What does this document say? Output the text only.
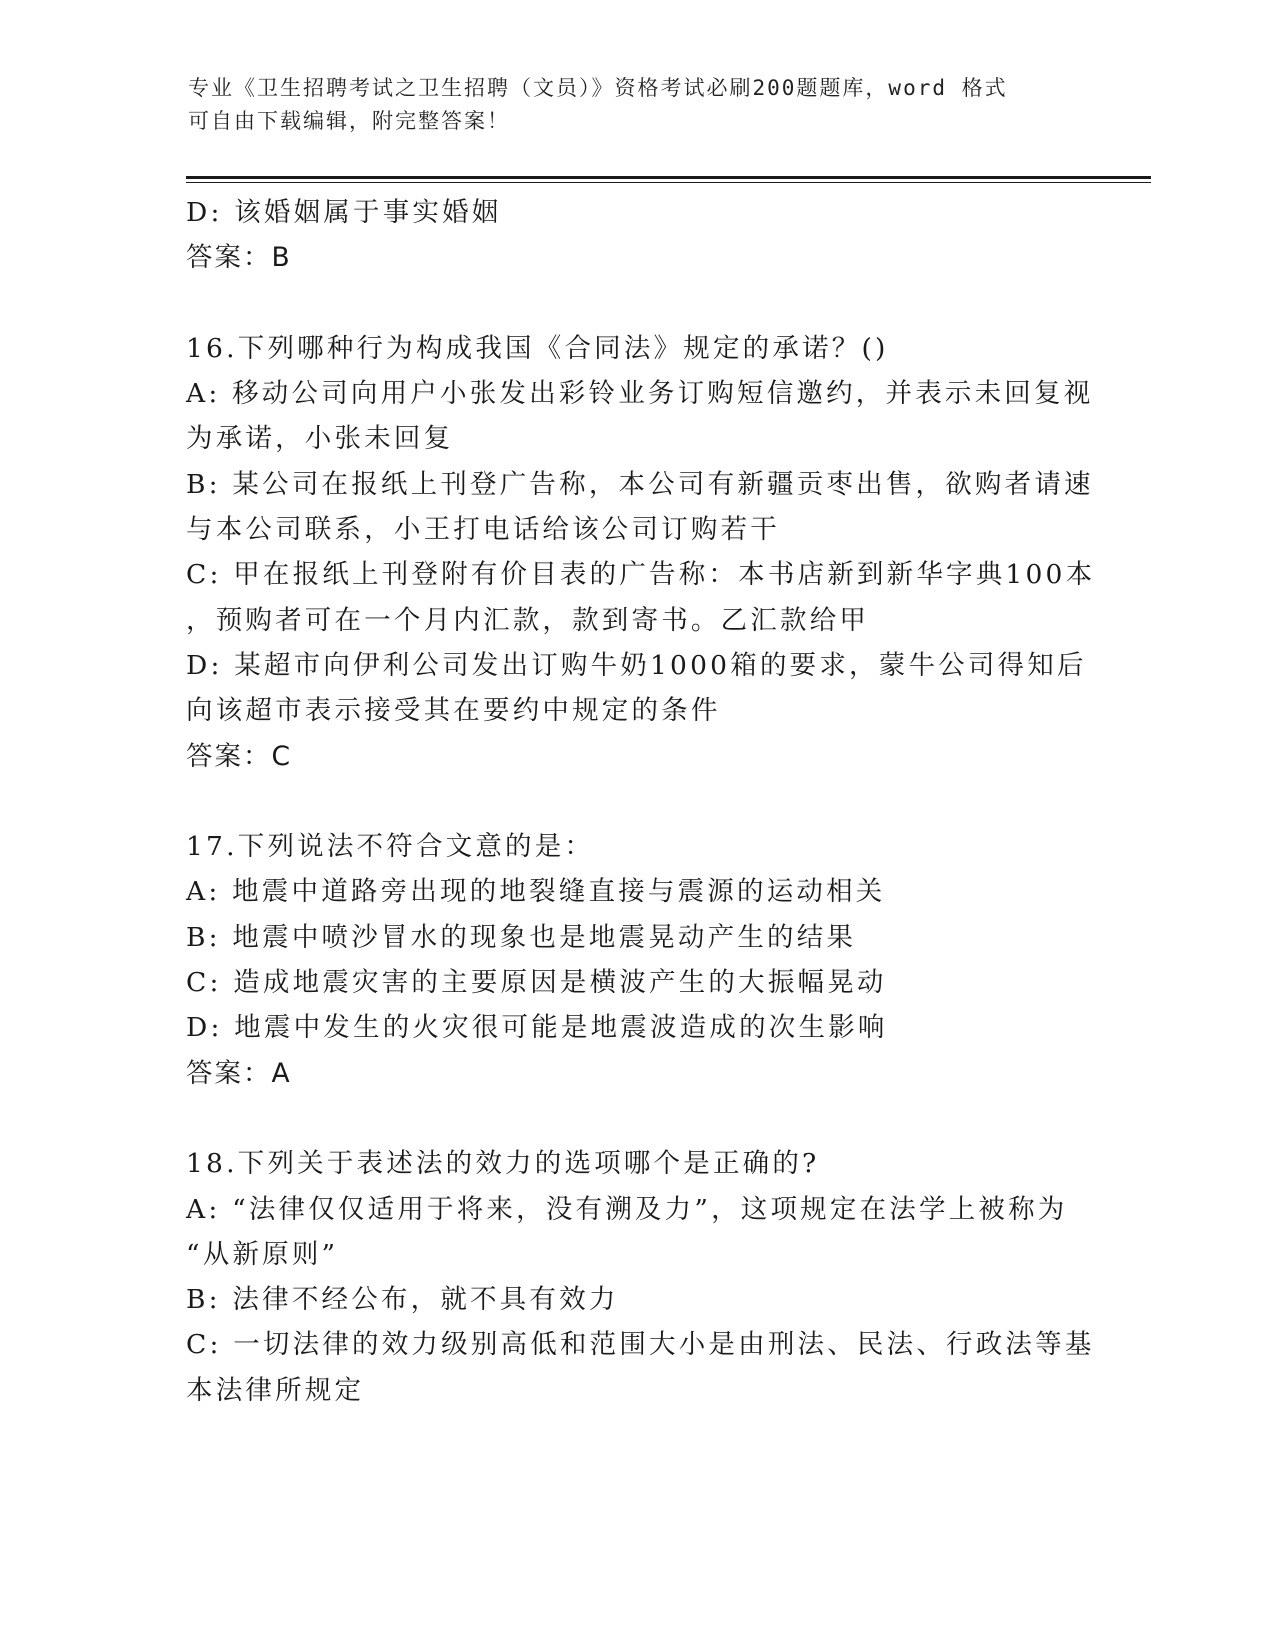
专业《卫生招聘考试之卫生招聘（文员）》资格考试必刷200题题库，word 格式
可自由下载编辑，附完整答案！
D: 该婚姻属于事实婚姻
答案：B
16.下列哪种行为构成我国《合同法》规定的承诺？()
A: 移动公司向用户小张发出彩铃业务订购短信邀约，并表示未回复视
为承诺，小张未回复
B: 某公司在报纸上刊登广告称，本公司有新疆贡枣出售，欲购者请速
与本公司联系，小王打电话给该公司订购若干
C: 甲在报纸上刊登附有价目表的广告称：本书店新到新华字典100本
，预购者可在一个月内汇款，款到寄书。乙汇款给甲
D: 某超市向伊利公司发出订购牛奶1000箱的要求，蒙牛公司得知后
向该超市表示接受其在要约中规定的条件
答案：C
17.下列说法不符合文意的是：
A: 地震中道路旁出现的地裂缝直接与震源的运动相关
B: 地震中喷沙冒水的现象也是地震晃动产生的结果
C: 造成地震灾害的主要原因是横波产生的大振幅晃动
D: 地震中发生的火灾很可能是地震波造成的次生影响
答案：A
18.下列关于表述法的效力的选项哪个是正确的?
A: “法律仅仅适用于将来，没有溯及力”，这项规定在法学上被称为
“从新原则”
B: 法律不经公布，就不具有效力
C: 一切法律的效力级别高低和范围大小是由刑法、民法、行政法等基
本法律所规定
